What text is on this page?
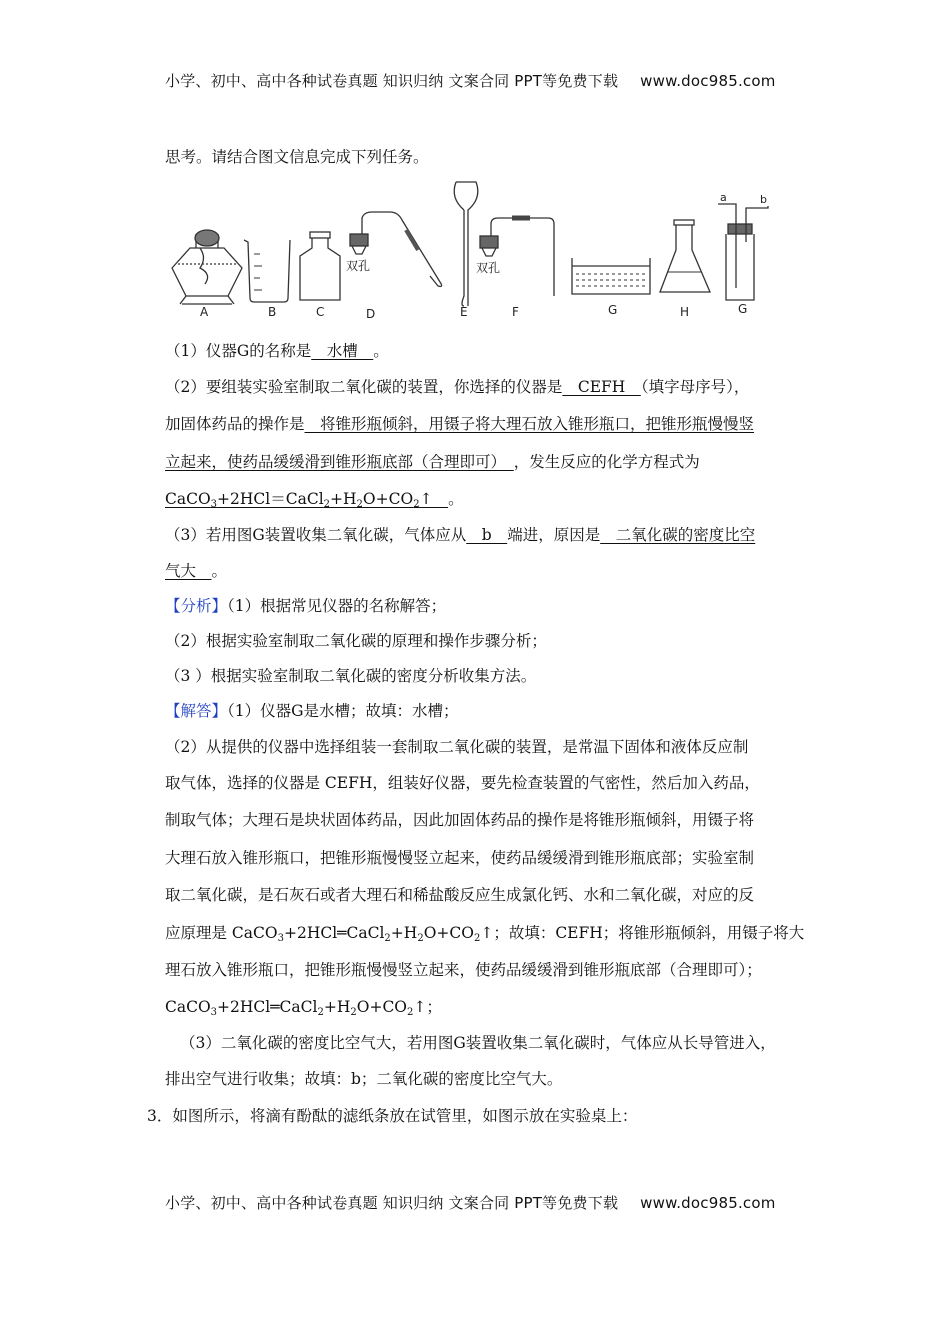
小学、初中、高中各种试卷真题 知识归纳 文案合同 PPT等免费下载 www.doc985.com
思考。请结合图文信息完成下列任务。
a	b
双孔	双孔
A	B	C	D	E	F	G	H	G
（1）仪器G的名称是　水槽　。
（2）要组装实验室制取二氧化碳的装置，你选择的仪器是　CEFH　（填字母序号），
加固体药品的操作是　将锥形瓶倾斜，用镊子将大理石放入锥形瓶口，把锥形瓶慢慢竖
立起来，使药品缓缓滑到锥形瓶底部（合理即可）　，发生反应的化学方程式为
$CaCO_3+2HCl=CaCl_2+H_2O+CO_2↑$　。
（3）若用图G装置收集二氧化碳，气体应从　b　端进，原因是　二氧化碳的密度比空
气大　。
【分析】（1）根据常见仪器的名称解答；
（2）根据实验室制取二氧化碳的原理和操作步骤分析；
（3 ）根据实验室制取二氧化碳的密度分析收集方法。
【解答】（1）仪器G是水槽；故填：水槽；
（2）从提供的仪器中选择组装一套制取二氧化碳的装置，是常温下固体和液体反应制
取气体，选择的仪器是 CEFH，组装好仪器，要先检查装置的气密性，然后加入药品，
制取气体；大理石是块状固体药品，因此加固体药品的操作是将锥形瓶倾斜，用镊子将
大理石放入锥形瓶口，把锥形瓶慢慢竖立起来，使药品缓缓滑到锥形瓶底部；实验室制
取二氧化碳，是石灰石或者大理石和稀盐酸反应生成氯化钙、水和二氧化碳，对应的反
应原理是 $CaCO_3+2HCl═CaCl_2+H_2O+CO_2↑$；故填：CEFH；将锥形瓶倾斜，用镊子将大
理石放入锥形瓶口，把锥形瓶慢慢竖立起来，使药品缓缓滑到锥形瓶底部（合理即可）；
$CaCO_3+2HCl═CaCl_2+H_2O+CO_2↑$；
（3）二氧化碳的密度比空气大，若用图G装置收集二氧化碳时，气体应从长导管进入，
排出空气进行收集；故填：b；二氧化碳的密度比空气大。
3．如图所示，将滴有酚酞的滤纸条放在试管里，如图示放在实验桌上：
小学、初中、高中各种试卷真题 知识归纳 文案合同 PPT等免费下载 www.doc985.com
